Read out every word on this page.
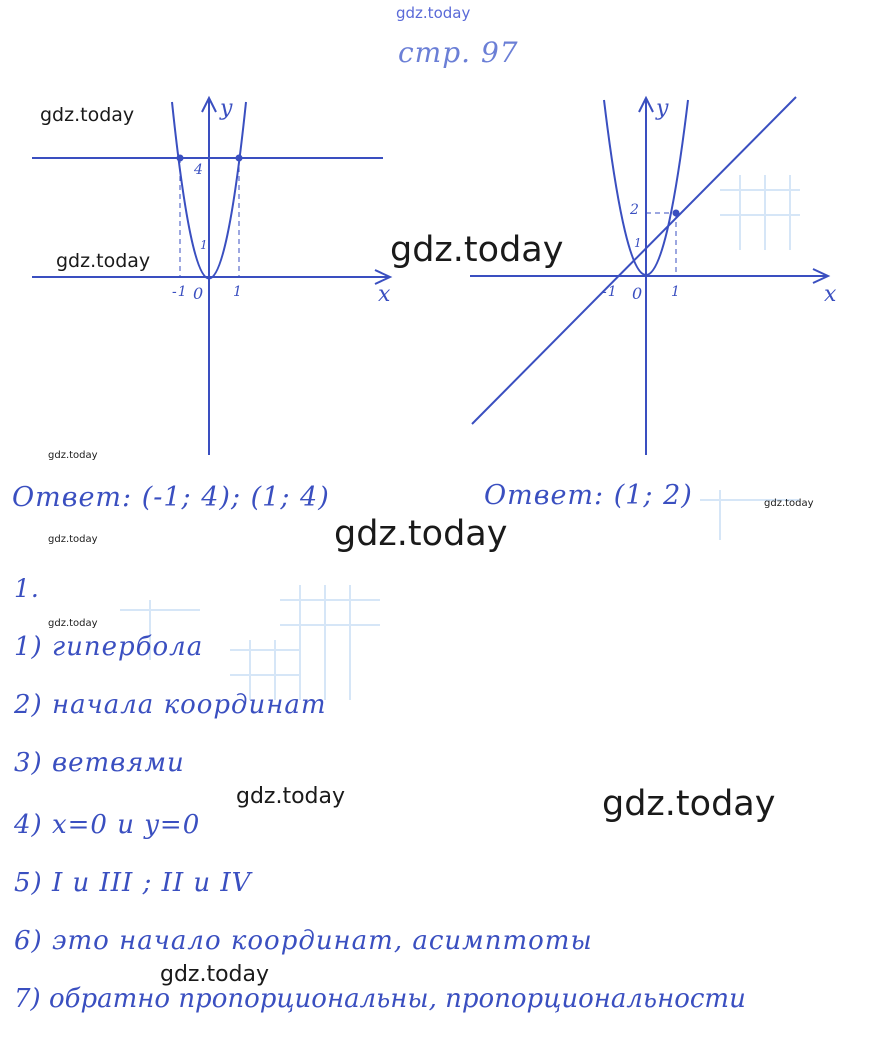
gdz.today
стр. 97
y
x
0
-1	1
4
1
Ответ: (-1; 4); (1; 4)
y
x
0
-1	1
2
1
Ответ: (1; 2)
1.
1) гипербола
2) начала координат
3) ветвями
4) x=0 и y=0
5) I и III ; II и IV
6) это начало координат, асимптоты
7) обратно пропорциональны, пропорциональности
gdz.today
gdz.today	gdz.today
gdz.today
gdz.today	gdz.today
gdz.today
gdz.today
gdz.today	gdz.today
gdz.today
